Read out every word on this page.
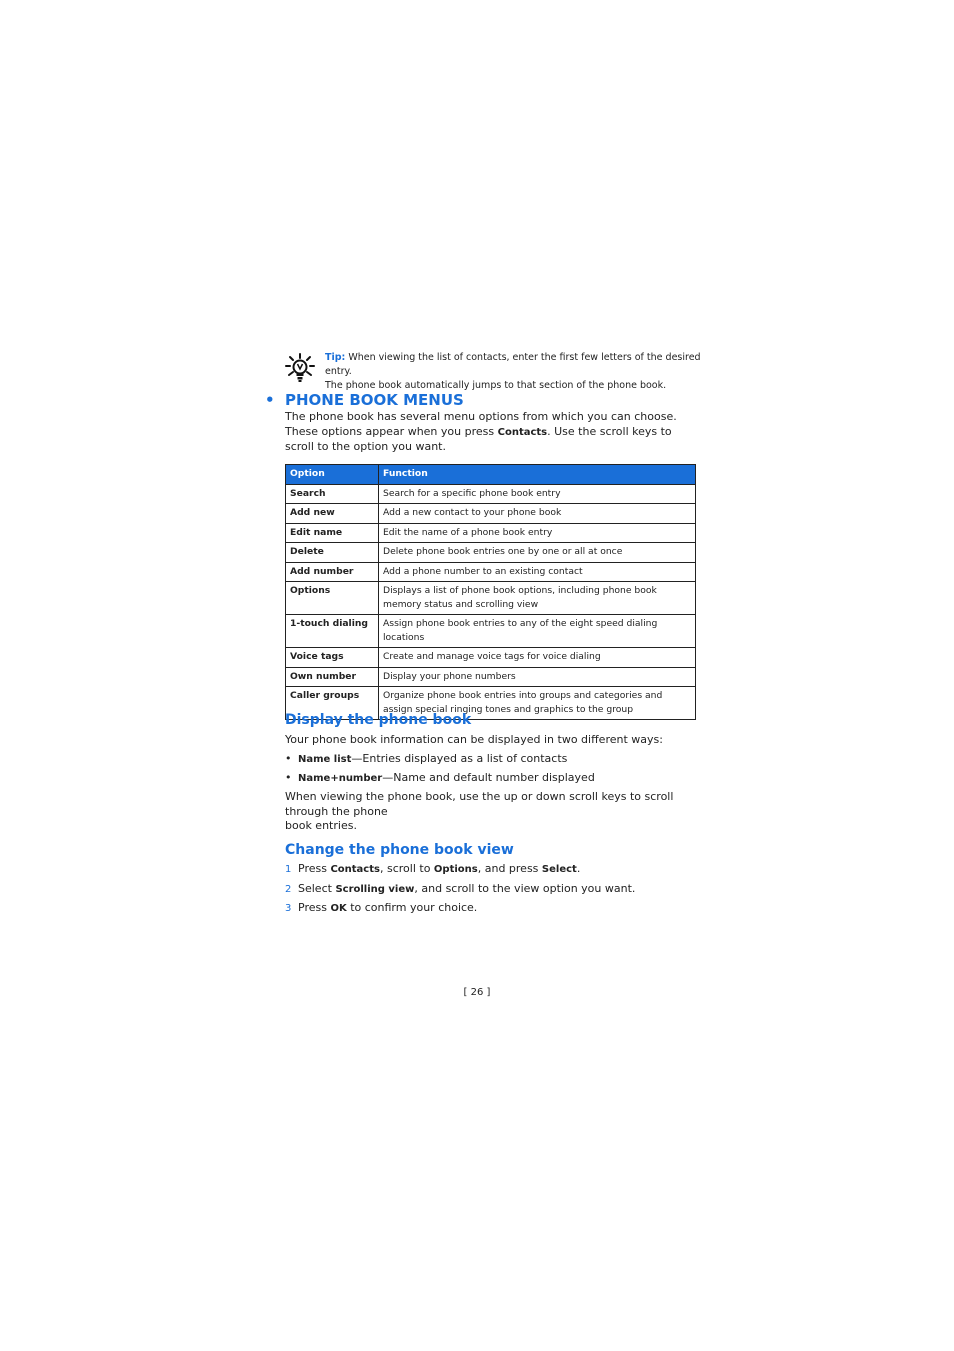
Tip: When viewing the list of contacts, enter the first few letters of the desired entry.
The phone book automatically jumps to that section of the phone book.
• PHONE BOOK MENUS

The phone book has several menu options from which you can choose. These options appear when you press Contacts. Use the scroll keys to scroll to the option you want.

Option	Function
Search	Search for a specific phone book entry
Add new	Add a new contact to your phone book
Edit name	Edit the name of a phone book entry
Delete	Delete phone book entries one by one or all at once
Add number	Add a phone number to an existing contact
Options	Displays a list of phone book options, including phone book memory status and scrolling view
1-touch dialing	Assign phone book entries to any of the eight speed dialing locations
Voice tags	Create and manage voice tags for voice dialing
Own number	Display your phone numbers
Caller groups	Organize phone book entries into groups and categories and assign special ringing tones and graphics to the group
Display the phone book

Your phone book information can be displayed in two different ways:

• Name list—Entries displayed as a list of contacts
• Name+number—Name and default number displayed

When viewing the phone book, use the up or down scroll keys to scroll through the phone
book entries.

Change the phone book view
1 Press Contacts, scroll to Options, and press Select.
2 Select Scrolling view, and scroll to the view option you want.
3 Press OK to confirm your choice.
[ 26 ]
